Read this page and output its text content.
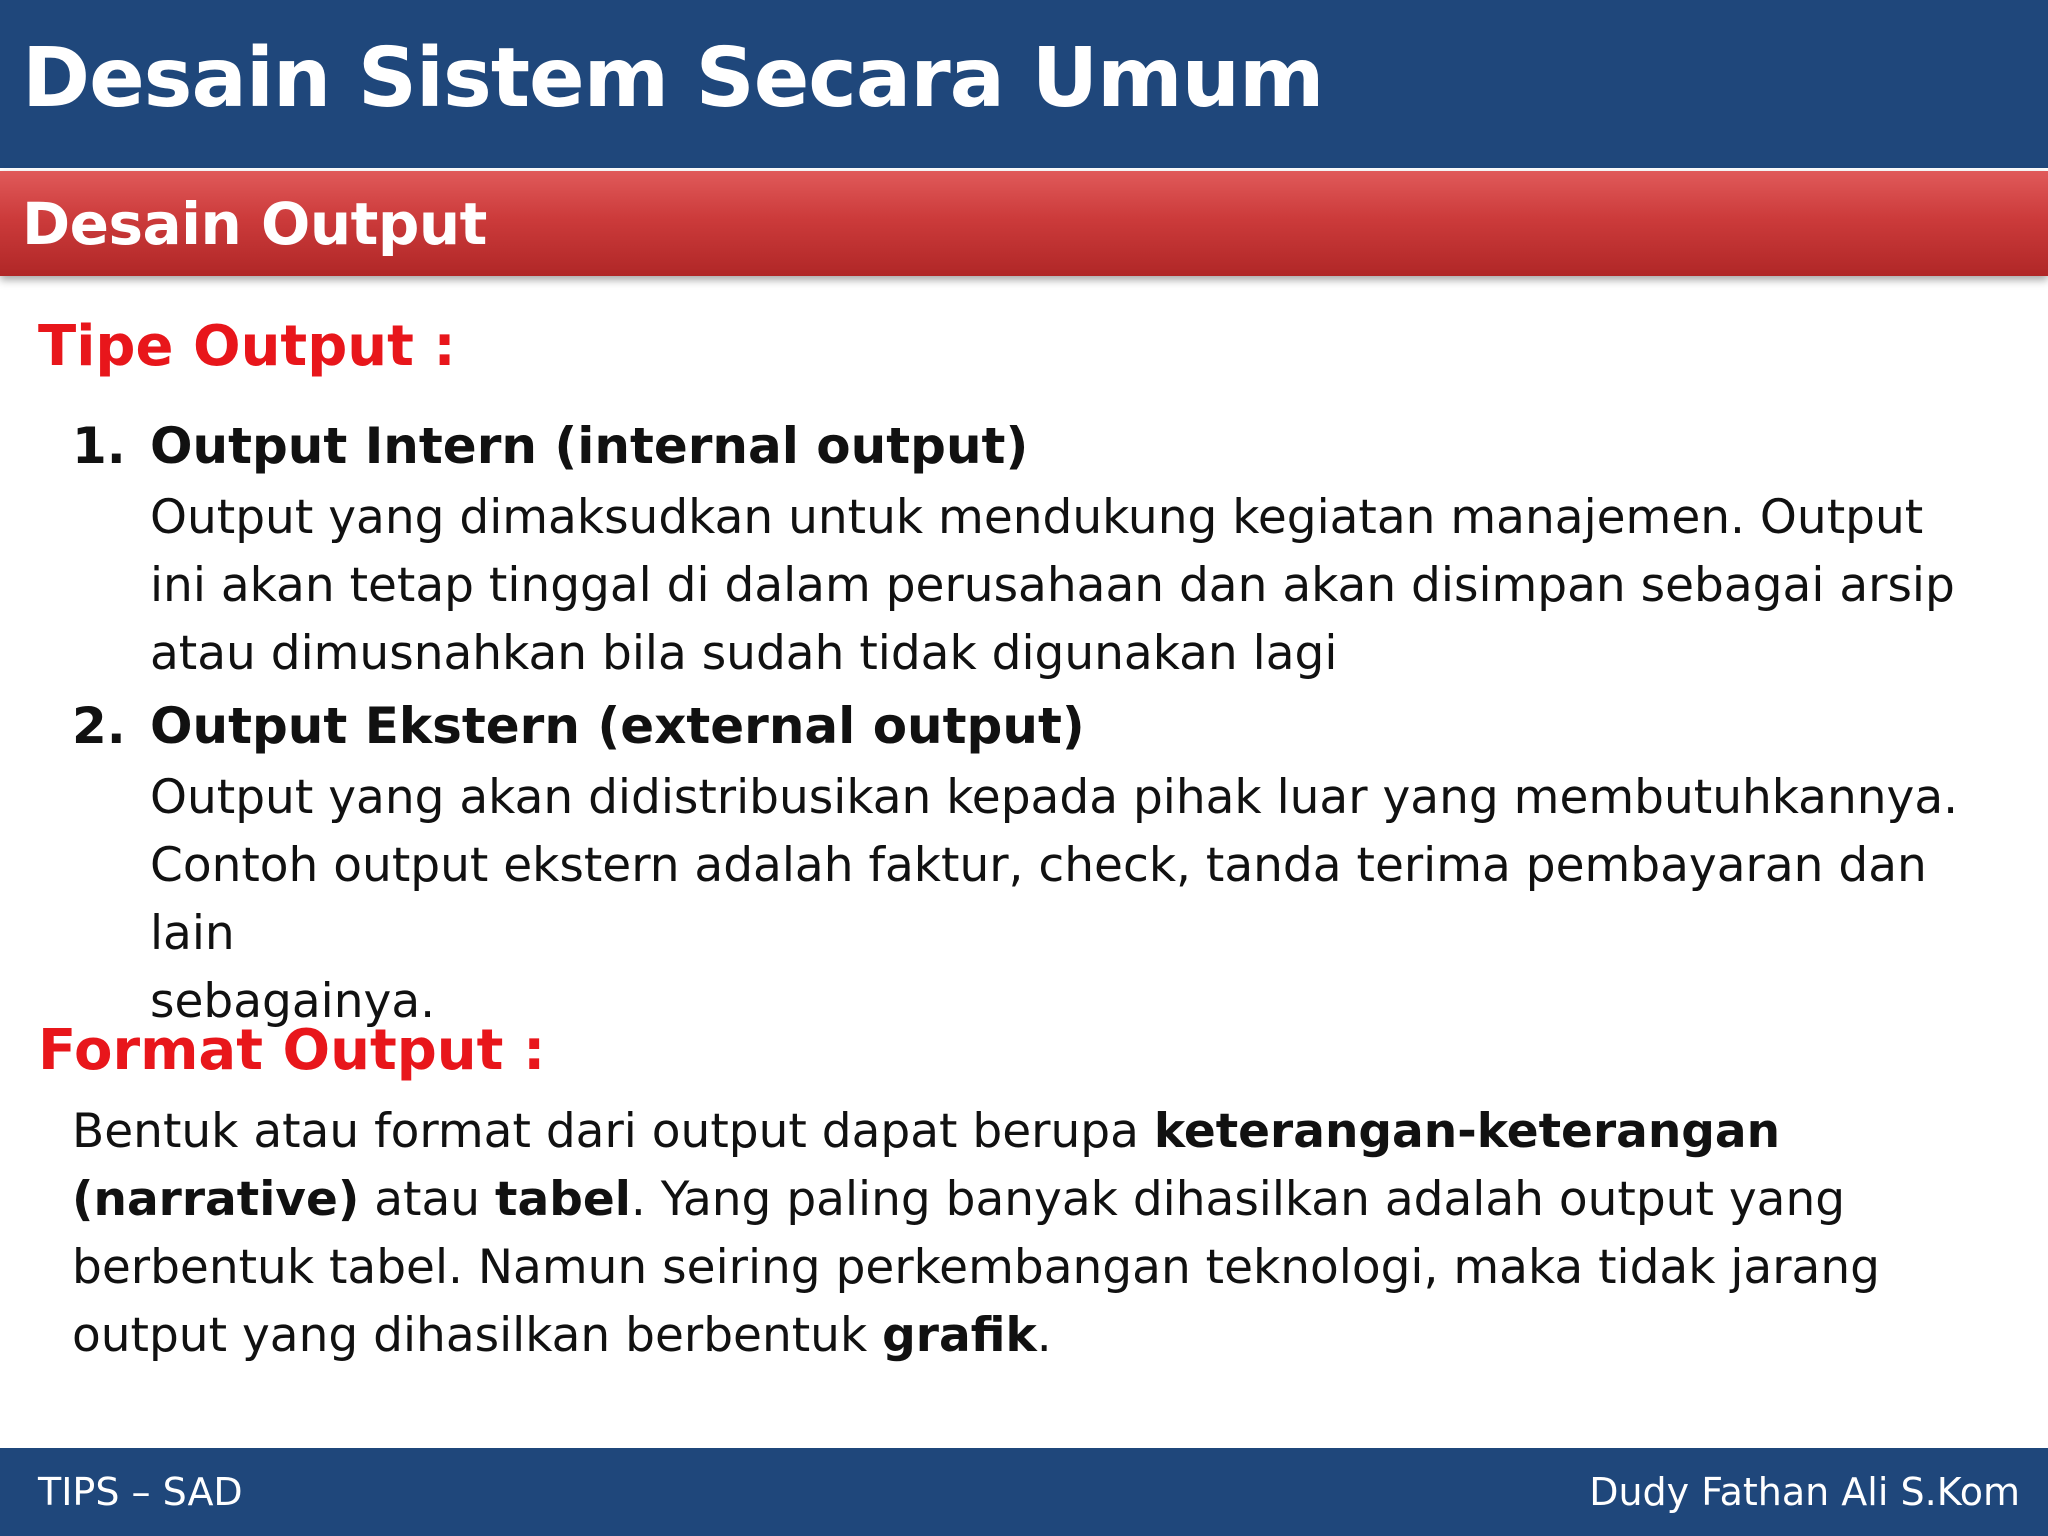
Desain Sistem Secara Umum
Desain Output
Tipe Output :
1. Output Intern (internal output)

Output yang dimaksudkan untuk mendukung kegiatan manajemen. Output
ini akan tetap tinggal di dalam perusahaan dan akan disimpan sebagai arsip
atau dimusnahkan bila sudah tidak digunakan lagi

2. Output Ekstern (external output)

Output yang akan didistribusikan kepada pihak luar yang membutuhkannya.
Contoh output ekstern adalah faktur, check, tanda terima pembayaran dan lain
sebagainya.

Format Output :

Bentuk atau format dari output dapat berupa keterangan-keterangan (narrative) atau tabel. Yang paling banyak dihasilkan adalah output yang berbentuk tabel. Namun seiring perkembangan teknologi, maka tidak jarang output yang dihasilkan berbentuk grafik.

TIPS – SAD	Dudy Fathan Ali S.Kom
